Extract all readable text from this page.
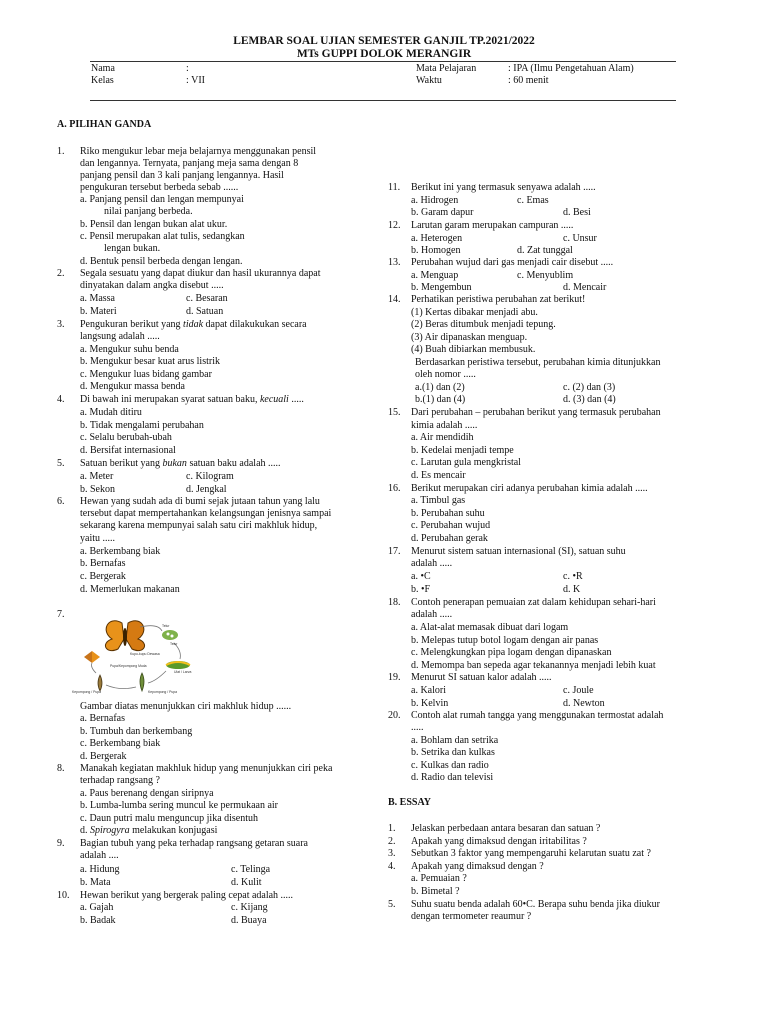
LEMBAR SOAL UJIAN SEMESTER GANJIL TP.2021/2022
MTs GUPPI DOLOK MERANGIR
Nama	:
Kelas	: VII
Mata Pelajaran	: IPA (Ilmu Pengetahuan Alam)
Waktu	: 60 menit
A. PILIHAN GANDA
1. Riko mengukur lebar meja belajarnya menggunakan pensil
dan lengannya. Ternyata, panjang meja sama dengan 8
panjang pensil dan 3 kali panjang lengannya. Hasil
pengukuran tersebut berbeda sebab ......
a. Panjang pensil dan lengan mempunyai
nilai panjang berbeda.
b. Pensil dan lengan bukan alat ukur.
c. Pensil merupakan alat tulis, sedangkan
lengan bukan.
d. Bentuk pensil berbeda dengan lengan.
2. Segala sesuatu yang dapat diukur dan hasil ukurannya dapat
dinyatakan dalam angka disebut .....
a. Massa	c. Besaran
b. Materi	d. Satuan
3. Pengukuran berikut yang tidak dapat dilakukukan secara
langsung adalah .....
a. Mengukur suhu benda
b. Mengukur besar kuat arus listrik
c. Mengukur luas bidang gambar
d. Mengukur massa benda
4. Di bawah ini merupakan syarat satuan baku, kecuali .....
a. Mudah ditiru
b. Tidak mengalami perubahan
c. Selalu berubah-ubah
d. Bersifat internasional
5. Satuan berikut yang bukan satuan baku adalah .....
a. Meter	c. Kilogram
b. Sekon	d. Jengkal
6. Hewan yang sudah ada di bumi sejak jutaan tahun yang lalu
tersebut dapat mempertahankan kelangsungan jenisnya sampai
sekarang karena mempunyai salah satu ciri makhluk hidup,
yaitu .....
a. Berkembang biak
b. Bernafas
c. Bergerak
d. Memerlukan makanan
7.
Telur
Kupu-kupu Dewasa
Telur
Ulat / Larva
Kepompong / Pupa
Kepompong / Pupa
Pupa/Kepompong Muda
Gambar diatas menunjukkan ciri makhluk hidup ......
a. Bernafas
b. Tumbuh dan berkembang
c. Berkembang biak
d. Bergerak
8. Manakah kegiatan makhluk hidup yang menunjukkan ciri peka
terhadap rangsang ?
a. Paus berenang dengan siripnya
b. Lumba-lumba sering muncul ke permukaan air
c. Daun putri malu menguncup jika disentuh
d. Spirogyra melakukan konjugasi
9. Bagian tubuh yang peka terhadap rangsang getaran suara
adalah ....
a. Hidung	c. Telinga
b. Mata	d. Kulit
10. Hewan berikut yang bergerak paling cepat adalah .....
a. Gajah	c. Kijang
b. Badak	d. Buaya
11. Berikut ini yang termasuk senyawa adalah .....
a. Hidrogen	c. Emas
b. Garam dapur	d. Besi
12. Larutan garam merupakan campuran .....
a. Heterogen	c. Unsur
b. Homogen	d. Zat tunggal
13. Perubahan wujud dari gas menjadi cair disebut .....
a. Menguap	c. Menyublim
b. Mengembun	d. Mencair
14. Perhatikan peristiwa perubahan zat berikut!
(1) Kertas dibakar menjadi abu.
(2) Beras ditumbuk menjadi tepung.
(3) Air dipanaskan menguap.
(4) Buah dibiarkan membusuk.
Berdasarkan peristiwa tersebut, perubahan kimia ditunjukkan
oleh nomor .....
a.(1) dan (2)	c. (2) dan (3)
b.(1) dan (4)	d. (3) dan (4)
15. Dari perubahan – perubahan berikut yang termasuk perubahan
kimia adalah .....
a. Air mendidih
b. Kedelai menjadi tempe
c. Larutan gula mengkristal
d. Es mencair
16. Berikut merupakan ciri adanya perubahan kimia adalah .....
a. Timbul gas
b. Perubahan suhu
c. Perubahan wujud
d. Perubahan gerak
17. Menurut sistem satuan internasional (SI), satuan suhu
adalah .....
a. •C	c. •R
b. •F	d. K
18. Contoh penerapan pemuaian zat dalam kehidupan sehari-hari
adalah .....
a. Alat-alat memasak dibuat dari logam
b. Melepas tutup botol logam dengan air panas
c. Melengkungkan pipa logam dengan dipanaskan
d. Memompa ban sepeda agar tekanannya menjadi lebih kuat
19. Menurut SI satuan kalor adalah .....
a. Kalori	c. Joule
b. Kelvin	d. Newton
20. Contoh alat rumah tangga yang menggunakan termostat adalah
.....
a. Bohlam dan setrika
b. Setrika dan kulkas
c. Kulkas dan radio
d. Radio dan televisi
B. ESSAY
1. Jelaskan perbedaan antara besaran dan satuan ?
2. Apakah yang dimaksud dengan iritabilitas ?
3. Sebutkan 3 faktor yang mempengaruhi kelarutan suatu zat ?
4. Apakah yang dimaksud dengan ?
a. Pemuaian ?
b. Bimetal ?
5. Suhu suatu benda adalah 60•C. Berapa suhu benda jika diukur
dengan termometer reaumur ?
